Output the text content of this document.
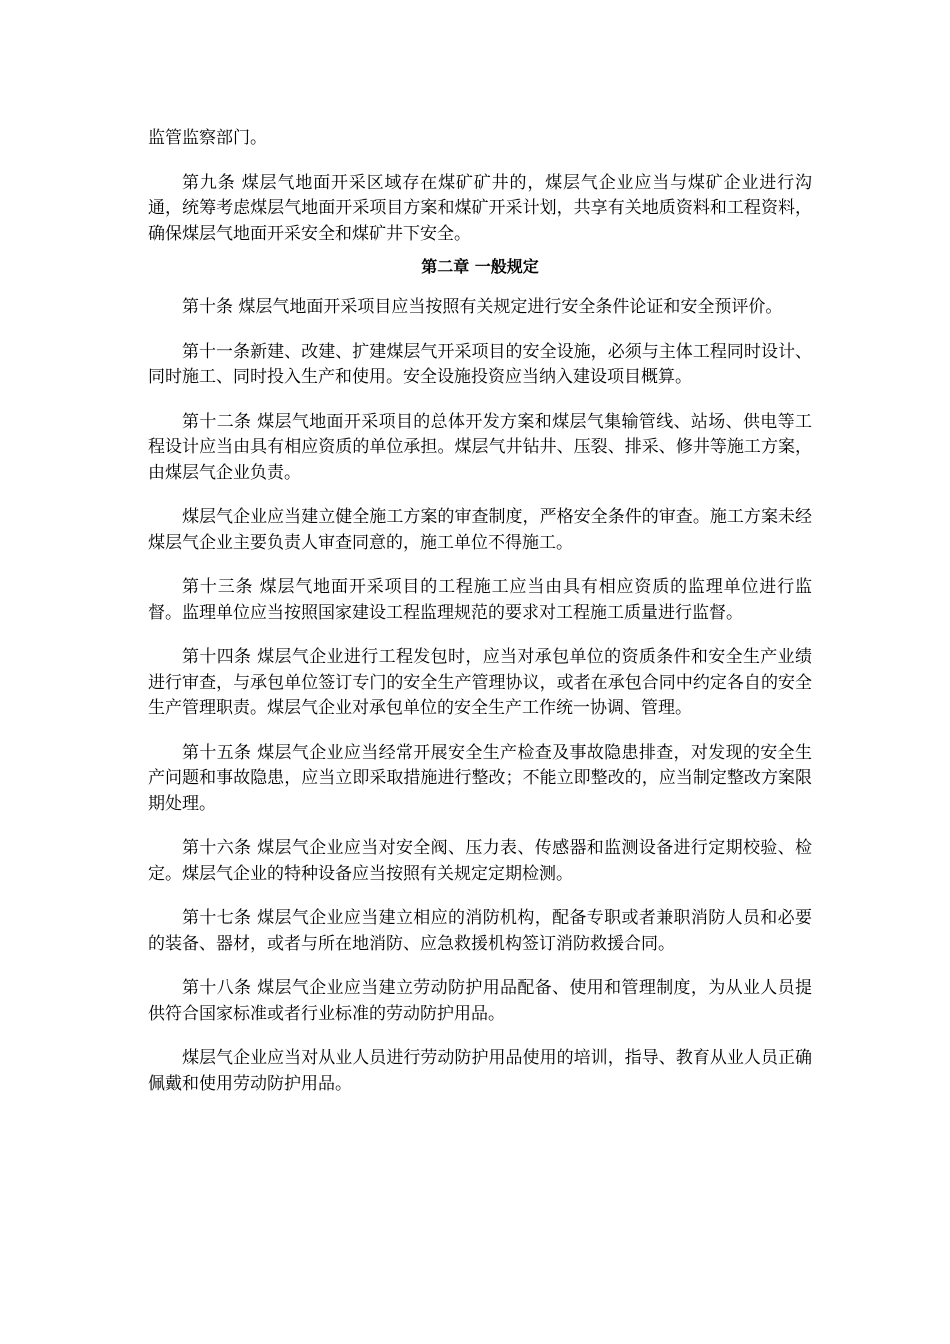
监管监察部门。

第九条 煤层气地面开采区域存在煤矿矿井的，煤层气企业应当与煤矿企业进行沟通，统筹考虑煤层气地面开采项目方案和煤矿开采计划，共享有关地质资料和工程资料，确保煤层气地面开采安全和煤矿井下安全。

第二章 一般规定

第十条 煤层气地面开采项目应当按照有关规定进行安全条件论证和安全预评价。

第十一条新建、改建、扩建煤层气开采项目的安全设施，必须与主体工程同时设计、同时施工、同时投入生产和使用。安全设施投资应当纳入建设项目概算。

第十二条 煤层气地面开采项目的总体开发方案和煤层气集输管线、站场、供电等工程设计应当由具有相应资质的单位承担。煤层气井钻井、压裂、排采、修井等施工方案，由煤层气企业负责。

煤层气企业应当建立健全施工方案的审查制度，严格安全条件的审查。施工方案未经煤层气企业主要负责人审查同意的，施工单位不得施工。

第十三条 煤层气地面开采项目的工程施工应当由具有相应资质的监理单位进行监督。监理单位应当按照国家建设工程监理规范的要求对工程施工质量进行监督。

第十四条 煤层气企业进行工程发包时，应当对承包单位的资质条件和安全生产业绩进行审查，与承包单位签订专门的安全生产管理协议，或者在承包合同中约定各自的安全生产管理职责。煤层气企业对承包单位的安全生产工作统一协调、管理。

第十五条 煤层气企业应当经常开展安全生产检查及事故隐患排查，对发现的安全生产问题和事故隐患，应当立即采取措施进行整改；不能立即整改的，应当制定整改方案限期处理。

第十六条 煤层气企业应当对安全阀、压力表、传感器和监测设备进行定期校验、检定。煤层气企业的特种设备应当按照有关规定定期检测。

第十七条 煤层气企业应当建立相应的消防机构，配备专职或者兼职消防人员和必要的装备、器材，或者与所在地消防、应急救援机构签订消防救援合同。

第十八条 煤层气企业应当建立劳动防护用品配备、使用和管理制度，为从业人员提供符合国家标准或者行业标准的劳动防护用品。

煤层气企业应当对从业人员进行劳动防护用品使用的培训，指导、教育从业人员正确佩戴和使用劳动防护用品。
